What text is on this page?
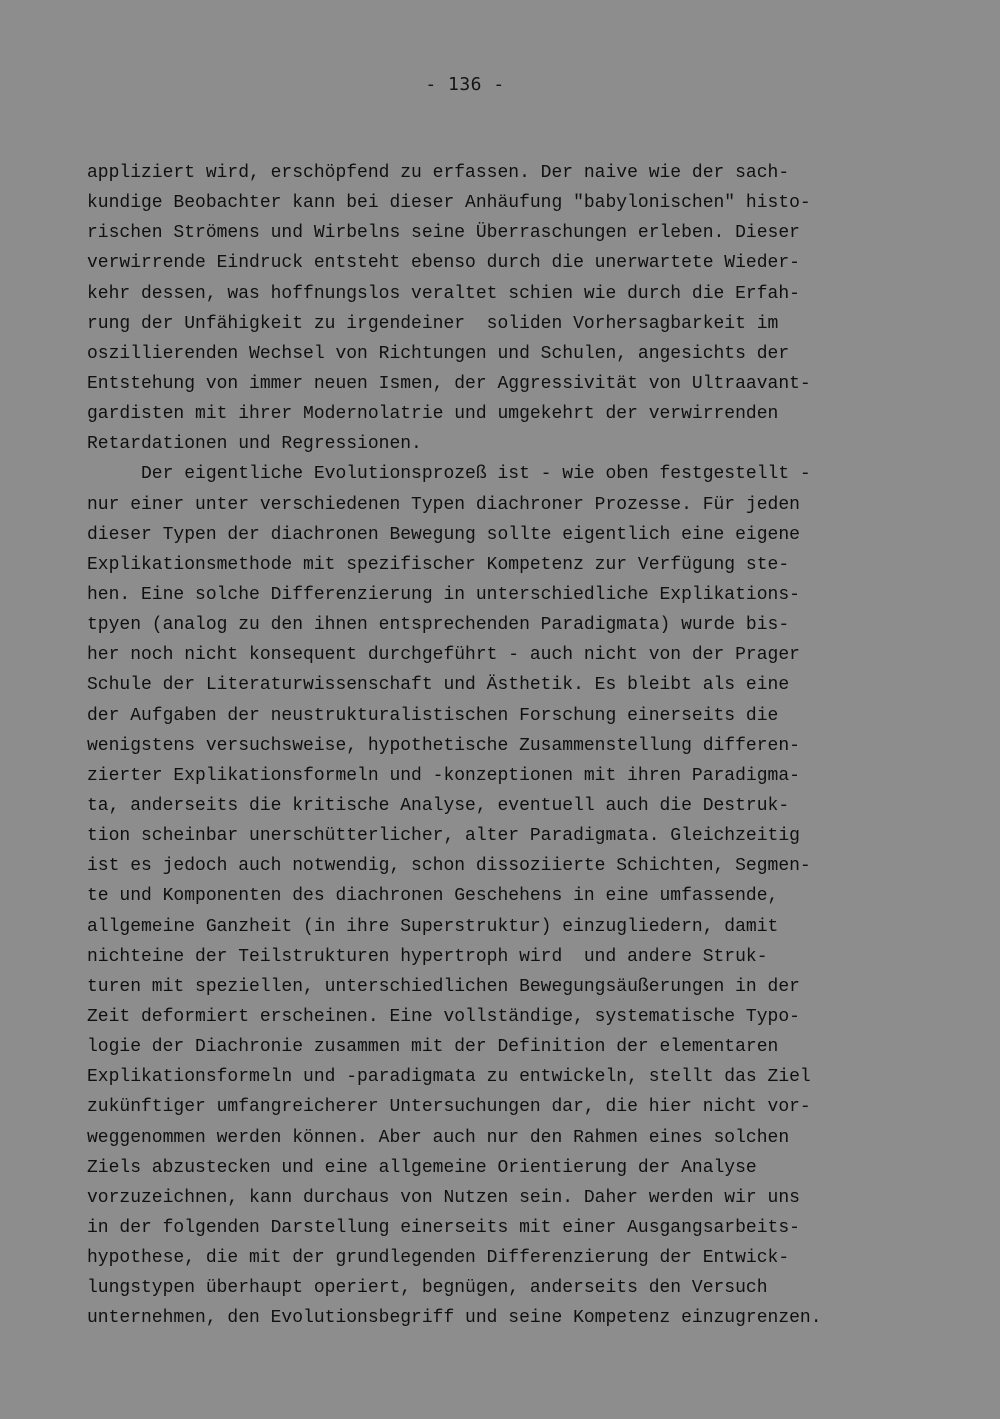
- 136 -
appliziert wird, erschöpfend zu erfassen. Der naive wie der sach-
kundige Beobachter kann bei dieser Anhäufung "babylonischen" histo-
rischen Strömens und Wirbelns seine Überraschungen erleben. Dieser
verwirrende Eindruck entsteht ebenso durch die unerwartete Wieder-
kehr dessen, was hoffnungslos veraltet schien wie durch die Erfah-
rung der Unfähigkeit zu irgendeiner  soliden Vorhersagbarkeit im
oszillierenden Wechsel von Richtungen und Schulen, angesichts der
Entstehung von immer neuen Ismen, der Aggressivität von Ultraavant-
gardisten mit ihrer Modernolatrie und umgekehrt der verwirrenden
Retardationen und Regressionen.
Der eigentliche Evolutionsprozeß ist - wie oben festgestellt -
nur einer unter verschiedenen Typen diachroner Prozesse. Für jeden
dieser Typen der diachronen Bewegung sollte eigentlich eine eigene
Explikationsmethode mit spezifischer Kompetenz zur Verfügung ste-
hen. Eine solche Differenzierung in unterschiedliche Explikations-
tpyen (analog zu den ihnen entsprechenden Paradigmata) wurde bis-
her noch nicht konsequent durchgeführt - auch nicht von der Prager
Schule der Literaturwissenschaft und Ästhetik. Es bleibt als eine
der Aufgaben der neustrukturalistischen Forschung einerseits die
wenigstens versuchsweise, hypothetische Zusammenstellung differen-
zierter Explikationsformeln und -konzeptionen mit ihren Paradigma-
ta, anderseits die kritische Analyse, eventuell auch die Destruk-
tion scheinbar unerschütterlicher, alter Paradigmata. Gleichzeitig
ist es jedoch auch notwendig, schon dissoziierte Schichten, Segmen-
te und Komponenten des diachronen Geschehens in eine umfassende,
allgemeine Ganzheit (in ihre Superstruktur) einzugliedern, damit
nichteine der Teilstrukturen hypertroph wird  und andere Struk-
turen mit speziellen, unterschiedlichen Bewegungsäußerungen in der
Zeit deformiert erscheinen. Eine vollständige, systematische Typo-
logie der Diachronie zusammen mit der Definition der elementaren
Explikationsformeln und -paradigmata zu entwickeln, stellt das Ziel
zukünftiger umfangreicherer Untersuchungen dar, die hier nicht vor-
weggenommen werden können. Aber auch nur den Rahmen eines solchen
Ziels abzustecken und eine allgemeine Orientierung der Analyse
vorzuzeichnen, kann durchaus von Nutzen sein. Daher werden wir uns
in der folgenden Darstellung einerseits mit einer Ausgangsarbeits-
hypothese, die mit der grundlegenden Differenzierung der Entwick-
lungstypen überhaupt operiert, begnügen, anderseits den Versuch
unternehmen, den Evolutionsbegriff und seine Kompetenz einzugrenzen.
